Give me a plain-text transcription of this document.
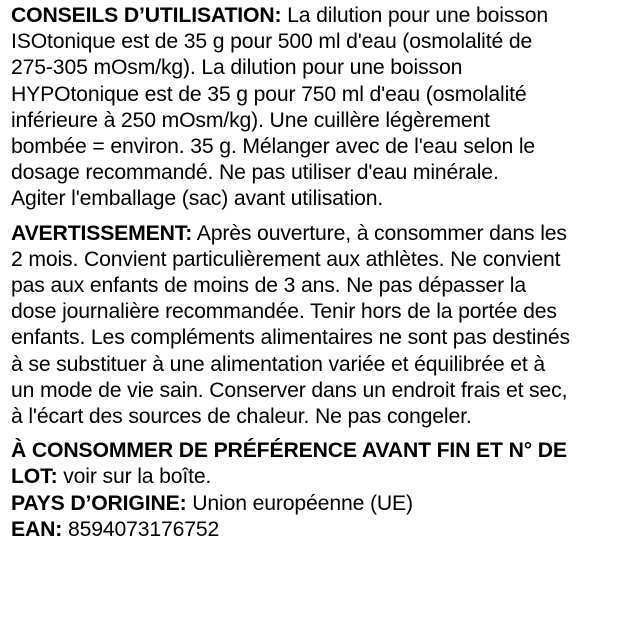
CONSEILS D’UTILISATION: La dilution pour une boisson ISOtonique est de 35 g pour 500 ml d'eau (osmolalité de 275-305 mOsm/kg). La dilution pour une boisson HYPOtonique est de 35 g pour 750 ml d'eau (osmolalité inférieure à 250 mOsm/kg). Une cuillère légèrement bombée = environ. 35 g. Mélanger avec de l'eau selon le dosage recommandé. Ne pas utiliser d'eau minérale. Agiter l'emballage (sac) avant utilisation.

AVERTISSEMENT: Après ouverture, à consommer dans les 2 mois. Convient particulièrement aux athlètes. Ne convient pas aux enfants de moins de 3 ans. Ne pas dépasser la dose journalière recommandée. Tenir hors de la portée des enfants. Les compléments alimentaires ne sont pas destinés à se substituer à une alimentation variée et équilibrée et à un mode de vie sain. Conserver dans un endroit frais et sec, à l'écart des sources de chaleur. Ne pas congeler.

À CONSOMMER DE PRÉFÉRENCE AVANT FIN ET N° DE LOT: voir sur la boîte.
PAYS D’ORIGINE: Union européenne (UE)
EAN: 8594073176752
